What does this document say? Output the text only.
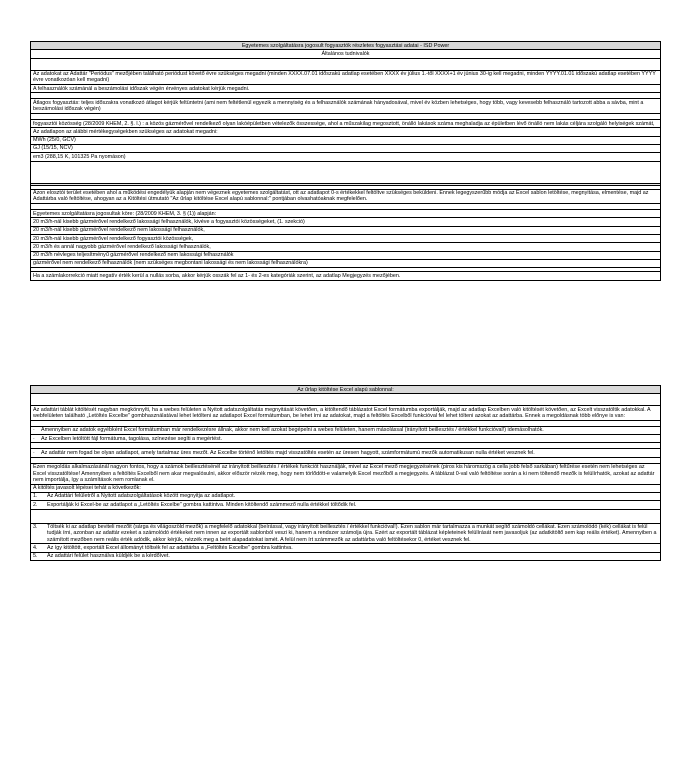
Egyetemes szolgáltatásra jogosult fogyasztók részletes fogyasztási adatai - ISD Power
Általános tudnivalók
Az adatokat az Adattár "Periódus" mezőjében található periódust követő évre szükséges megadni (minden XXXX.07.01 időszakú adatlap esetében XXXX év július 1.-től XXXX+1 év június 30-ig kell megadni, minden YYYY.01.01 időszakú adatlap esetében YYYY évre vonatkozóan kell megadni)
A felhasználók számánál a beszámolási időszak végén érvényes adatokat kérjük megadni.
Átlagos fogyasztás: teljes időszakra vonatkozó átlagot kérjük feltüntetni (ami nem feltétlenül egyezik a mennyiség és a felhasználók számának hányadosával, mivel év közben lehetséges, hogy több, vagy kevesebb felhasználó tartozott abba a sávba, mint a beszámolási időszak végén)
fogyasztói közösség (28/2009 KHEM, 2. §. l.) : a közös gázmérővel rendelkező olyan lakóépületben vételezők összessége, ahol a műszakilag megosztott, önálló lakások száma meghaladja az épületben lévő önálló nem lakás céljára szolgáló helyiségek számát,
Az adatlapon az alábbi mértékegységekben szükséges az adatokat megadni:
MWh (25/0, GCV)
GJ (15/15, NCV)
em3 (288,15 K, 101325 Pa nyomáson)
Azon elosztói terület esetében ahol a működési engedélyük alapján nem végeznek egyetemes szolgáltatást, ott az adatlapot 0-s értékekkel feltöltve szükséges beküldeni. Ennek legegyszerűbb módja az Excel sablon letöltése, megnyitása, elmentése, majd az Adattárba való feltöltése, ahogyan az a Kitöltési útmutató "Az űrlap kitöltése Excel alapú sablonnal:" pontjában olvashatóaknak megfelelően.
Egyetemes szolgáltatásra jogosultak köre: (28/2009 KHEM, 3. § (1)) alapján:
20 m3/h-nál kisebb gázmérővel rendelkező lakossági felhasználók, kivéve a fogyasztói közösségeket, (1. szekció)
20 m3/h-nál kisebb gázmérővel rendelkező nem lakossági felhasználók,
20 m3/h-nál kisebb gázmérővel rendelkező fogyasztói közösségek,
20 m3/h és annál nagyobb gázmérővel rendelkező lakossági felhasználók,
20 m3/h névleges teljesítményű gázmérővel rendelkező nem lakossági felhasználók
gázmérővel nem rendelkező felhasználók (nem szükséges megbontani lakossági és nem lakossági felhasználókra)
Ha a számlakorrekció miatt negatív érték kerül a nullás sorba, akkor kérjük osszák fel az 1- és 2-es kategóriák szerint, az adatlap Megjegyzés mezőjében.
Az űrlap kitöltése Excel alapú sablonnal:
Az adattári táblát kitöltését nagyban megkönnyíti, ha a webes felületen a Nyitott adatszolgáltatás megnyitását követően, a kitöltendő táblázatot Excel formátumba exportálják, majd az adatlap Excelben való kitöltését követően, az Excelt visszatöltik adatokkal. A webfelületen található „Letöltés Excelbe" gombhasználatával lehet letölteni az adatlapot Excel formátumban, be lehet írni az adatokat, majd a feltöltés Excelből funkcióval fel lehet tölteni azokat az adattárba. Ennek a megoldásnak több előnye is van:
· Amennyiben az adatok egyébként Excel formátumban már rendelkezésre állnak, akkor nem kell azokat begépelni a webes felületen, hanem másolással (irányított beillesztés / értékkel funkcióval!) idemásolhatók.
· Az Excelben letöltött fájl formátuma, tagolása, színezése segíti a megértést.
· Az adattár nem fogad be olyan adatlapot, amely tartalmaz üres mezőt. Az Excelbe történő letöltés majd visszatöltés esetén az üresen hagyott, számformátumú mezők automatikusan nulla értéket vesznek fel.
Ezen megoldás alkalmazásánál nagyon fontos, hogy a számok beillesztésénél az irányított beillesztés / értékek funkciót használják, mivel az Excel mező megjegyzésének (piros kis háromszög a cella jobb felső sarkában) feltűrése esetén nem lehetséges az Excel visszatöltése! Amennyiben a feltöltés Excelből nem akar megvalósulni, akkor először nézék meg, hogy nem törlődött-e valamelyik Excel mezőből a megjegyzés. A táblázat 0-val való feltöltése során a ki nem töltendő mezők is felülírhatók, azokat az adattár nem importálja, így a számítások nem romlanak el.
A kitöltés javasolt lépései tehát a következők:
1. Az Adattári felületről a Nyitott adatszolgáltatások között megnyitja az adatlapot.
2. Exportálják ki Excel-be az adatlapot a „Letöltés Excelbe" gombra kattintva. Minden kitöltendő számmező nulla értékkel töltődik fel.
3. Töltsék ki az adatlap beviteli mezőit (sárga és világoszöld mezők) a megfelelő adatokkal (beírással, vagy irányított beillesztés / értékkel funkcióval!). Ezen sablon már tartalmazza a munkát segítő számoldó cellákat. Ezen számolódó (kék) cellákat is felül tudják írni, azonban az adattár ezeket a számolódó értékeket nem innen az exportált sablonból veszi ki, hanem a rendszer számolja újra. Ezért az exportált táblázat képleteinek felülírását nem javasoljuk (az adatkitöltő sem kap reális értéket). Amennyiben a számított mezőben nem reális érték adódik, akkor kérjük, nézzék meg a beírt alapadatokat ismét. A felül nem írt számmezők az adattárba való feltöltésekor 0, értéket vesznek fel.
4. Az így kitöltött, exportált Excel állományt töltsék fel az adattárba a „Feltöltés Excelbe" gombra kattintva.
5. Az adattári felület használva küldjék be a kérdőívet.
